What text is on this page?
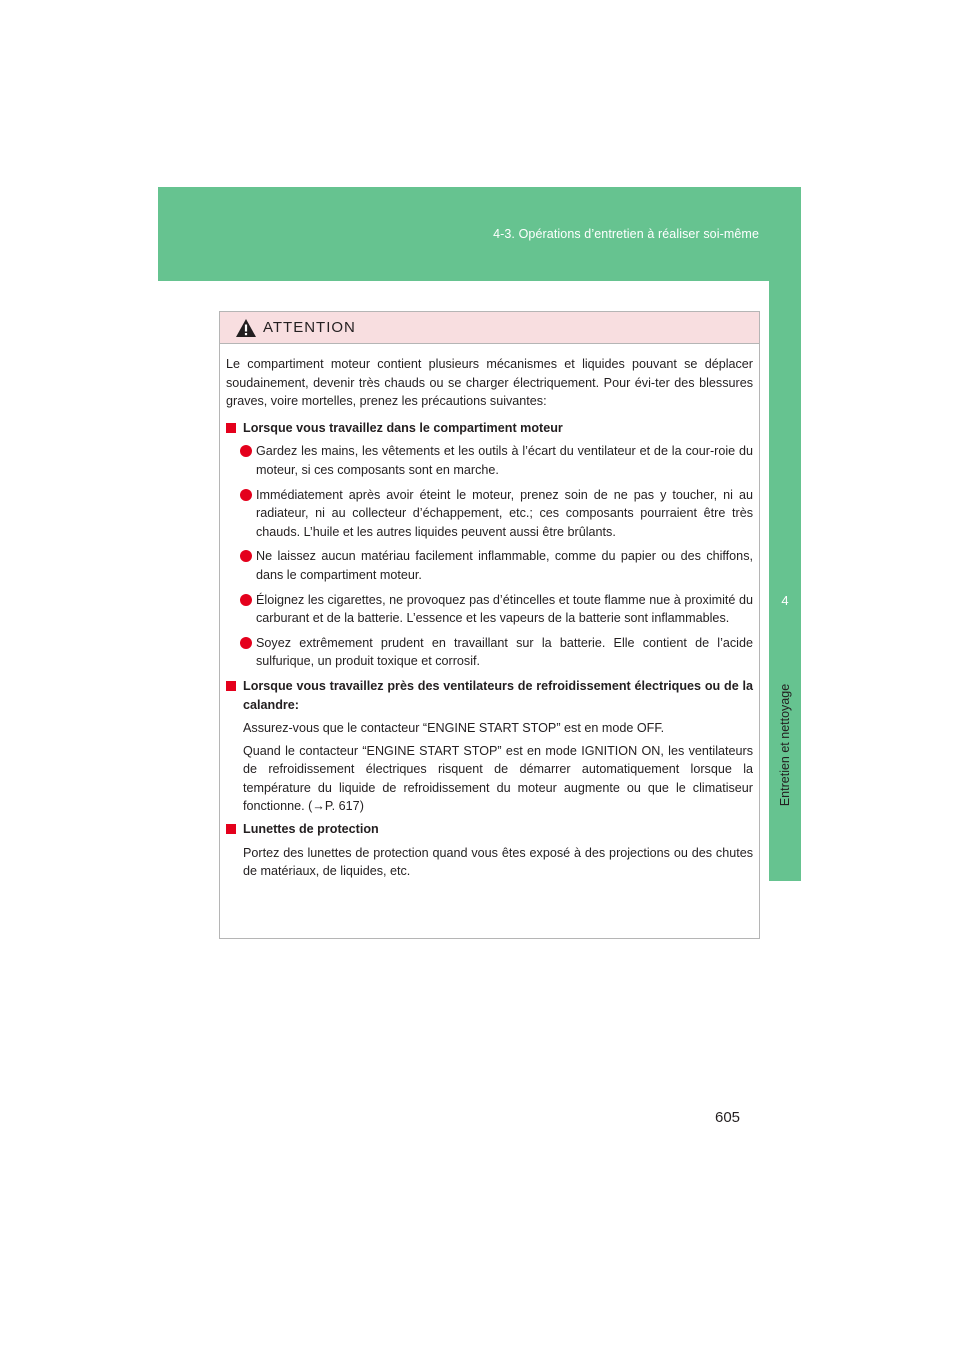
4-3. Opérations d’entretien à réaliser soi-même
4
Entretien et nettoyage
ATTENTION

Le compartiment moteur contient plusieurs mécanismes et liquides pouvant se déplacer soudainement, devenir très chauds ou se charger électriquement. Pour évi-ter des blessures graves, voire mortelles, prenez les précautions suivantes:

Lorsque vous travaillez dans le compartiment moteur
Gardez les mains, les vêtements et les outils à l’écart du ventilateur et de la cour-roie du moteur, si ces composants sont en marche.
Immédiatement après avoir éteint le moteur, prenez soin de ne pas y toucher, ni au radiateur, ni au collecteur d’échappement, etc.; ces composants pourraient être très chauds. L’huile et les autres liquides peuvent aussi être brûlants.
Ne laissez aucun matériau facilement inflammable, comme du papier ou des chiffons, dans le compartiment moteur.
Éloignez les cigarettes, ne provoquez pas d’étincelles et toute flamme nue à proximité du carburant et de la batterie. L’essence et les vapeurs de la batterie sont inflammables.
Soyez extrêmement prudent en travaillant sur la batterie. Elle contient de l’acide sulfurique, un produit toxique et corrosif.
Lorsque vous travaillez près des ventilateurs de refroidissement électriques ou de la calandre:

Assurez-vous que le contacteur “ENGINE START STOP” est en mode OFF.

Quand le contacteur “ENGINE START STOP” est en mode IGNITION ON, les ventilateurs de refroidissement électriques risquent de démarrer automatiquement lorsque la température du liquide de refroidissement du moteur augmente ou que le climatiseur fonctionne. (→P. 617)

Lunettes de protection

Portez des lunettes de protection quand vous êtes exposé à des projections ou des chutes de matériaux, de liquides, etc.

605
